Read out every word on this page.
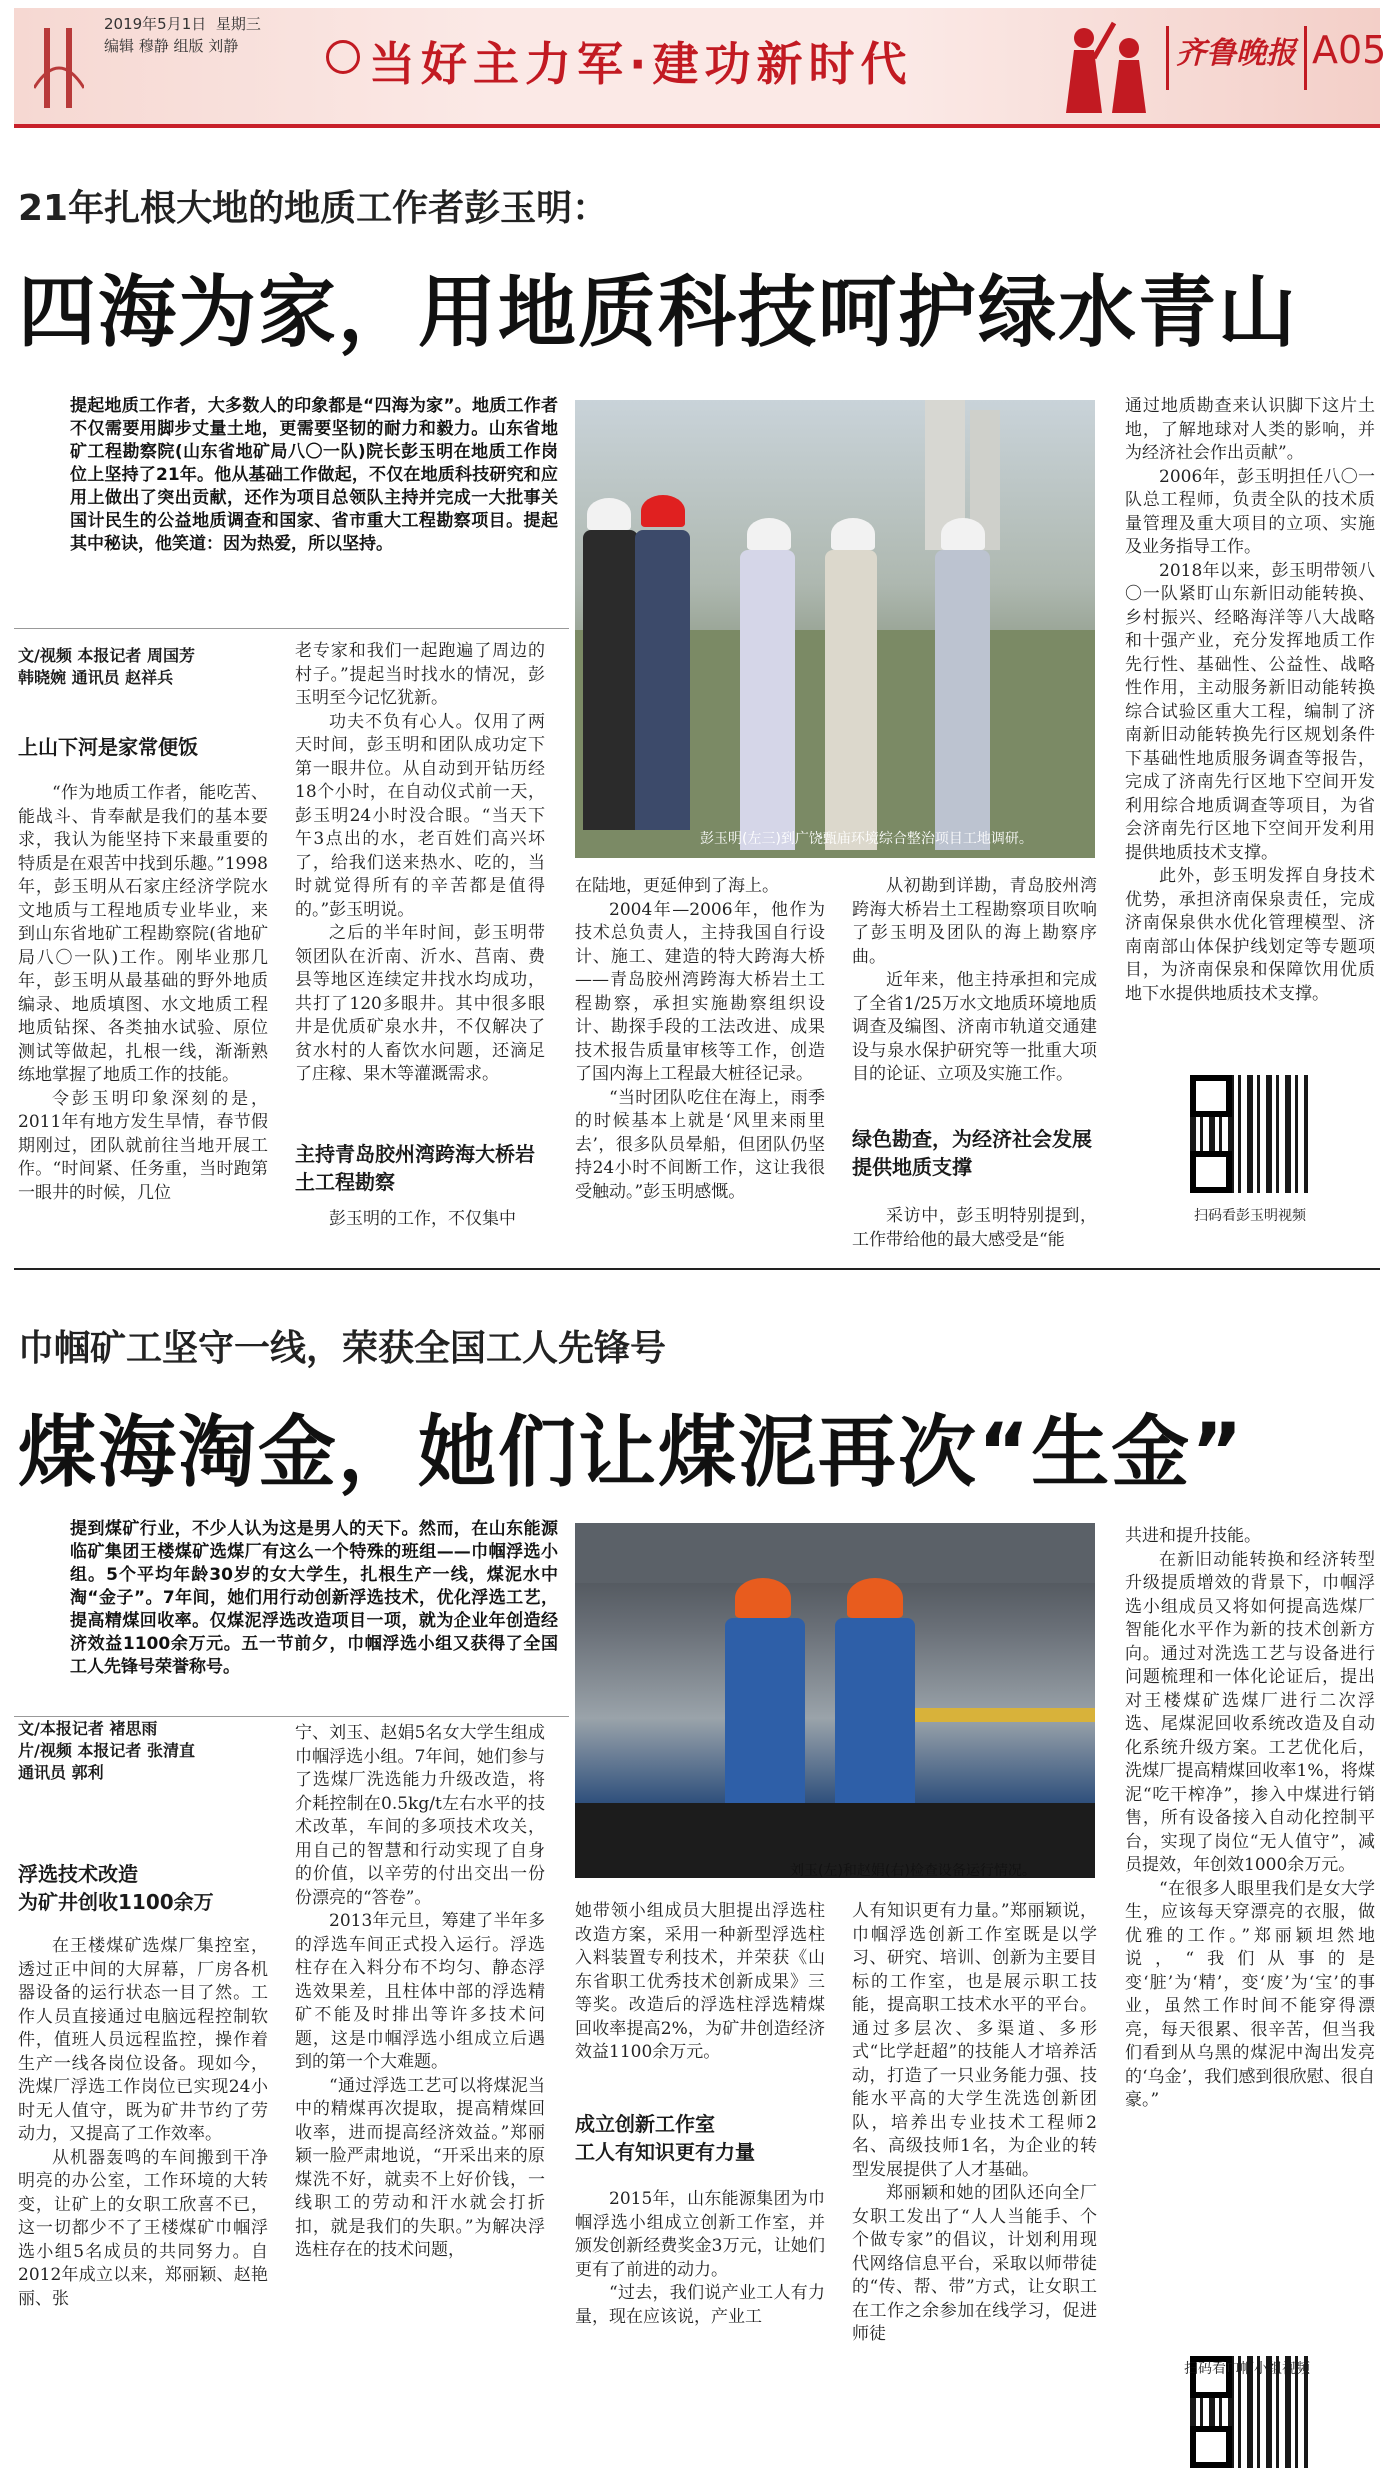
2019年5月1日 星期三
编辑 穆静 组版 刘静	当好主力军·建功新时代	齐鲁晚报 A05
21年扎根大地的地质工作者彭玉明：
四海为家，用地质科技呵护绿水青山
提起地质工作者，大多数人的印象都是“四海为家”。地质工作者不仅需要用脚步丈量土地，更需要坚韧的耐力和毅力。山东省地矿工程勘察院(山东省地矿局八〇一队)院长彭玉明在地质工作岗位上坚持了21年。他从基础工作做起，不仅在地质科技研究和应用上做出了突出贡献，还作为项目总领队主持并完成一大批事关国计民生的公益地质调查和国家、省市重大工程勘察项目。提起其中秘诀，他笑道：因为热爱，所以坚持。
文/视频 本报记者 周国芳
韩晓婉 通讯员 赵祥兵
上山下河是家常便饭

“作为地质工作者，能吃苦、能战斗、肯奉献是我们的基本要求，我认为能坚持下来最重要的特质是在艰苦中找到乐趣。”1998年，彭玉明从石家庄经济学院水文地质与工程地质专业毕业，来到山东省地矿工程勘察院(省地矿局八〇一队)工作。刚毕业那几年，彭玉明从最基础的野外地质编录、地质填图、水文地质工程地质钻探、各类抽水试验、原位测试等做起，扎根一线，渐渐熟练地掌握了地质工作的技能。

令彭玉明印象深刻的是，2011年有地方发生旱情，春节假期刚过，团队就前往当地开展工作。“时间紧、任务重，当时跑第一眼井的时候，几位

老专家和我们一起跑遍了周边的村子。”提起当时找水的情况，彭玉明至今记忆犹新。

功夫不负有心人。仅用了两天时间，彭玉明和团队成功定下第一眼井位。从自动到开钻历经18个小时，在自动仪式前一天，彭玉明24小时没合眼。“当天下午3点出的水，老百姓们高兴坏了，给我们送来热水、吃的，当时就觉得所有的辛苦都是值得的。”彭玉明说。

之后的半年时间，彭玉明带领团队在沂南、沂水、莒南、费县等地区连续定井找水均成功，共打了120多眼井。其中很多眼井是优质矿泉水井，不仅解决了贫水村的人畜饮水问题，还滴足了庄稼、果木等灌溉需求。

主持青岛胶州湾跨海大桥岩土工程勘察

彭玉明的工作，不仅集中

彭玉明(左三)到广饶甄庙环境综合整治项目工地调研。

在陆地，更延伸到了海上。

2004年—2006年，他作为技术总负责人，主持我国自行设计、施工、建造的特大跨海大桥——青岛胶州湾跨海大桥岩土工程勘察，承担实施勘察组织设计、勘探手段的工法改进、成果技术报告质量审核等工作，创造了国内海上工程最大桩径记录。

“当时团队吃住在海上，雨季的时候基本上就是‘风里来雨里去’，很多队员晕船，但团队仍坚持24小时不间断工作，这让我很受触动。”彭玉明感慨。

从初勘到详勘，青岛胶州湾跨海大桥岩土工程勘察项目吹响了彭玉明及团队的海上勘察序曲。

近年来，他主持承担和完成了全省1/25万水文地质环境地质调查及编图、济南市轨道交通建设与泉水保护研究等一批重大项目的论证、立项及实施工作。

绿色勘查，为经济社会发展提供地质支撑

采访中，彭玉明特别提到，工作带给他的最大感受是“能

通过地质勘查来认识脚下这片土地，了解地球对人类的影响，并为经济社会作出贡献”。

2006年，彭玉明担任八〇一队总工程师，负责全队的技术质量管理及重大项目的立项、实施及业务指导工作。

2018年以来，彭玉明带领八〇一队紧盯山东新旧动能转换、乡村振兴、经略海洋等八大战略和十强产业，充分发挥地质工作先行性、基础性、公益性、战略性作用，主动服务新旧动能转换综合试验区重大工程，编制了济南新旧动能转换先行区规划条件下基础性地质服务调查等报告，完成了济南先行区地下空间开发利用综合地质调查等项目，为省会济南先行区地下空间开发利用提供地质技术支撑。

此外，彭玉明发挥自身技术优势，承担济南保泉责任，完成济南保泉供水优化管理模型、济南南部山体保护线划定等专题项目，为济南保泉和保障饮用优质地下水提供地质技术支撑。

扫码看彭玉明视频
巾帼矿工坚守一线，荣获全国工人先锋号
煤海淘金，她们让煤泥再次“生金”
提到煤矿行业，不少人认为这是男人的天下。然而，在山东能源临矿集团王楼煤矿选煤厂有这么一个特殊的班组——巾帼浮选小组。5个平均年龄30岁的女大学生，扎根生产一线，煤泥水中淘“金子”。7年间，她们用行动创新浮选技术，优化浮选工艺，提高精煤回收率。仅煤泥浮选改造项目一项，就为企业年创造经济效益1100余万元。五一节前夕，巾帼浮选小组又获得了全国工人先锋号荣誉称号。
文/本报记者 褚思雨
片/视频 本报记者 张清直
通讯员 郭利
浮选技术改造
为矿井创收1100余万

在王楼煤矿选煤厂集控室，透过正中间的大屏幕，厂房各机器设备的运行状态一目了然。工作人员直接通过电脑远程控制软件，值班人员远程监控，操作着生产一线各岗位设备。现如今，洗煤厂浮选工作岗位已实现24小时无人值守，既为矿井节约了劳动力，又提高了工作效率。

从机器轰鸣的车间搬到干净明亮的办公室，工作环境的大转变，让矿上的女职工欣喜不已，这一切都少不了王楼煤矿巾帼浮选小组5名成员的共同努力。自2012年成立以来，郑丽颖、赵艳丽、张

宁、刘玉、赵娟5名女大学生组成巾帼浮选小组。7年间，她们参与了选煤厂洗选能力升级改造，将介耗控制在0.5kg/t左右水平的技术改革，车间的多项技术攻关，用自己的智慧和行动实现了自身的价值，以辛劳的付出交出一份份漂亮的“答卷”。

2013年元旦，筹建了半年多的浮选车间正式投入运行。浮选柱存在入料分布不均匀、静态浮选效果差，且柱体中部的浮选精矿不能及时排出等许多技术问题，这是巾帼浮选小组成立后遇到的第一个大难题。

“通过浮选工艺可以将煤泥当中的精煤再次提取，提高精煤回收率，进而提高经济效益。”郑丽颖一脸严肃地说，“开采出来的原煤洗不好，就卖不上好价钱，一线职工的劳动和汗水就会打折扣，就是我们的失职。”为解决浮选柱存在的技术问题，

刘玉(左)和赵娟(右)检查设备运行情况。

她带领小组成员大胆提出浮选柱改造方案，采用一种新型浮选柱入料装置专利技术，并荣获《山东省职工优秀技术创新成果》三等奖。改造后的浮选柱浮选精煤回收率提高2%，为矿井创造经济效益1100余万元。

成立创新工作室
工人有知识更有力量

2015年，山东能源集团为巾帼浮选小组成立创新工作室，并颁发创新经费奖金3万元，让她们更有了前进的动力。

“过去，我们说产业工人有力量，现在应该说，产业工

人有知识更有力量。”郑丽颖说，巾帼浮选创新工作室既是以学习、研究、培训、创新为主要目标的工作室，也是展示职工技能，提高职工技术水平的平台。通过多层次、多渠道、多形式“比学赶超”的技能人才培养活动，打造了一只业务能力强、技能水平高的大学生洗选创新团队，培养出专业技术工程师2名、高级技师1名，为企业的转型发展提供了人才基础。

郑丽颖和她的团队还向全厂女职工发出了“人人当能手、个个做专家”的倡议，计划利用现代网络信息平台，采取以师带徒的“传、帮、带”方式，让女职工在工作之余参加在线学习，促进师徒

共进和提升技能。

在新旧动能转换和经济转型升级提质增效的背景下，巾帼浮选小组成员又将如何提高选煤厂智能化水平作为新的技术创新方向。通过对洗选工艺与设备进行问题梳理和一体化论证后，提出对王楼煤矿选煤厂进行二次浮选、尾煤泥回收系统改造及自动化系统升级方案。工艺优化后，洗煤厂提高精煤回收率1%，将煤泥“吃干榨净”，掺入中煤进行销售，所有设备接入自动化控制平台，实现了岗位“无人值守”，减员提效，年创效1000余万元。

“在很多人眼里我们是女大学生，应该每天穿漂亮的衣服，做优雅的工作。”郑丽颖坦然地说，“我们从事的是变‘脏’为‘精’，变‘废’为‘宝’的事业，虽然工作时间不能穿得漂亮，每天很累、很辛苦，但当我们看到从乌黑的煤泥中淘出发亮的‘乌金’，我们感到很欣慰、很自豪。”

扫码看巾帼小组视频
